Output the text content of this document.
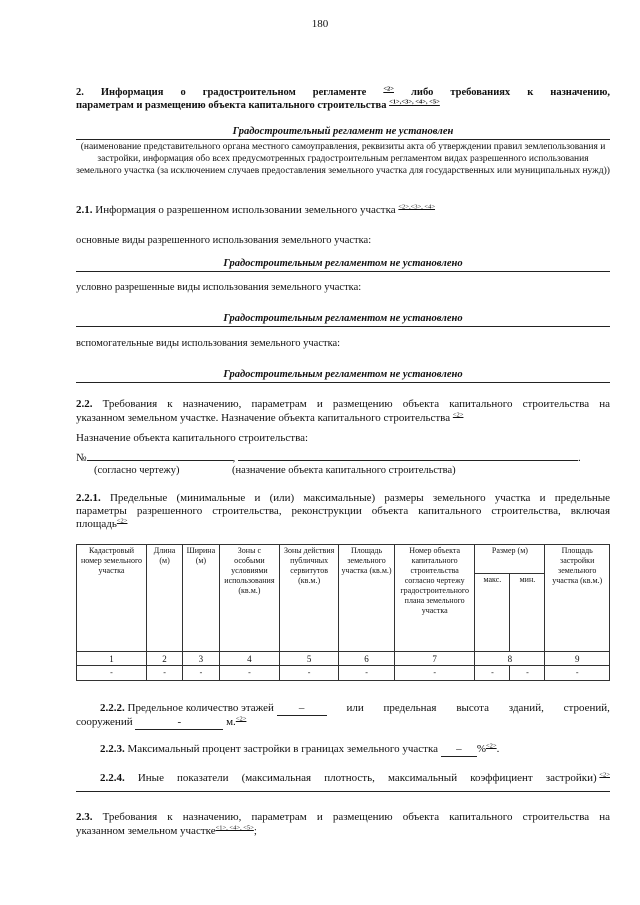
180
2. Информация о градостроительном регламенте	$^{<2>}$ либо требованиях к назначению,
параметрам и размещению объекта капитального строительства $^{<1>,<3>, <4>, <5>}$
Градостроительный регламент не установлен
(наименование представительного органа местного самоуправления, реквизиты акта об утверждении правил землепользования и застройки, информация обо всех предусмотренных градостроительным регламентом видах разрешенного использования земельного участка (за исключением случаев предоставления земельного участка для государственных или муниципальных нужд))
2.1. Информация о разрешенном использовании земельного участка $^{<2>,<3>, <4>}$
основные виды разрешенного использования земельного участка:
Градостроительным регламентом не установлено
условно разрешенные виды использования земельного участка:
Градостроительным регламентом не установлено
вспомогательные виды использования земельного участка:
Градостроительным регламентом не установлено
2.2. Требования к назначению, параметрам и размещению объекта капитального строительства на
указанном земельном участке. Назначение объекта капитального строительства $^{<2>}$
Назначение объекта капитального строительства:
№	,	.
(согласно чертежу)	(назначение объекта капитального строительства)
2.2.1. Предельные (минимальные и (или) максимальные) размеры земельного участка и предельные
параметры разрешенного строительства, реконструкции объекта капитального строительства, включая
площадь$^{<2>}$
Кадастровый номер земельного участка	Длина (м)	Ширина (м)	Зоны с особыми условиями использования (кв.м.)	Зоны действия публичных сервитутов (кв.м.)	Площадь земельного участка (кв.м.)	Номер объекта капитального строительства согласно чертежу градостроительного плана земельного участка	Размер (м)		Площадь застройки земельного участка (кв.м.)
							макс.	мин.	
1	2	3	4	5	6	7	8		9
-	-	-	-	-	-	-	-	-	-
2.2.2. Предельное количество этажей –	или предельная высота зданий, строений,
сооружений	-	м.$^{<2>}$
2.2.3. Максимальный процент застройки в границах земельного участка – %$^{<2>}$.
2.2.4. Иные показатели (максимальная плотность, максимальный коэффициент застройки) $^{<2>}$
2.3. Требования к назначению, параметрам и размещению объекта капитального строительства на
указанном земельном участке$^{<1>, <4>, <5>}$;
